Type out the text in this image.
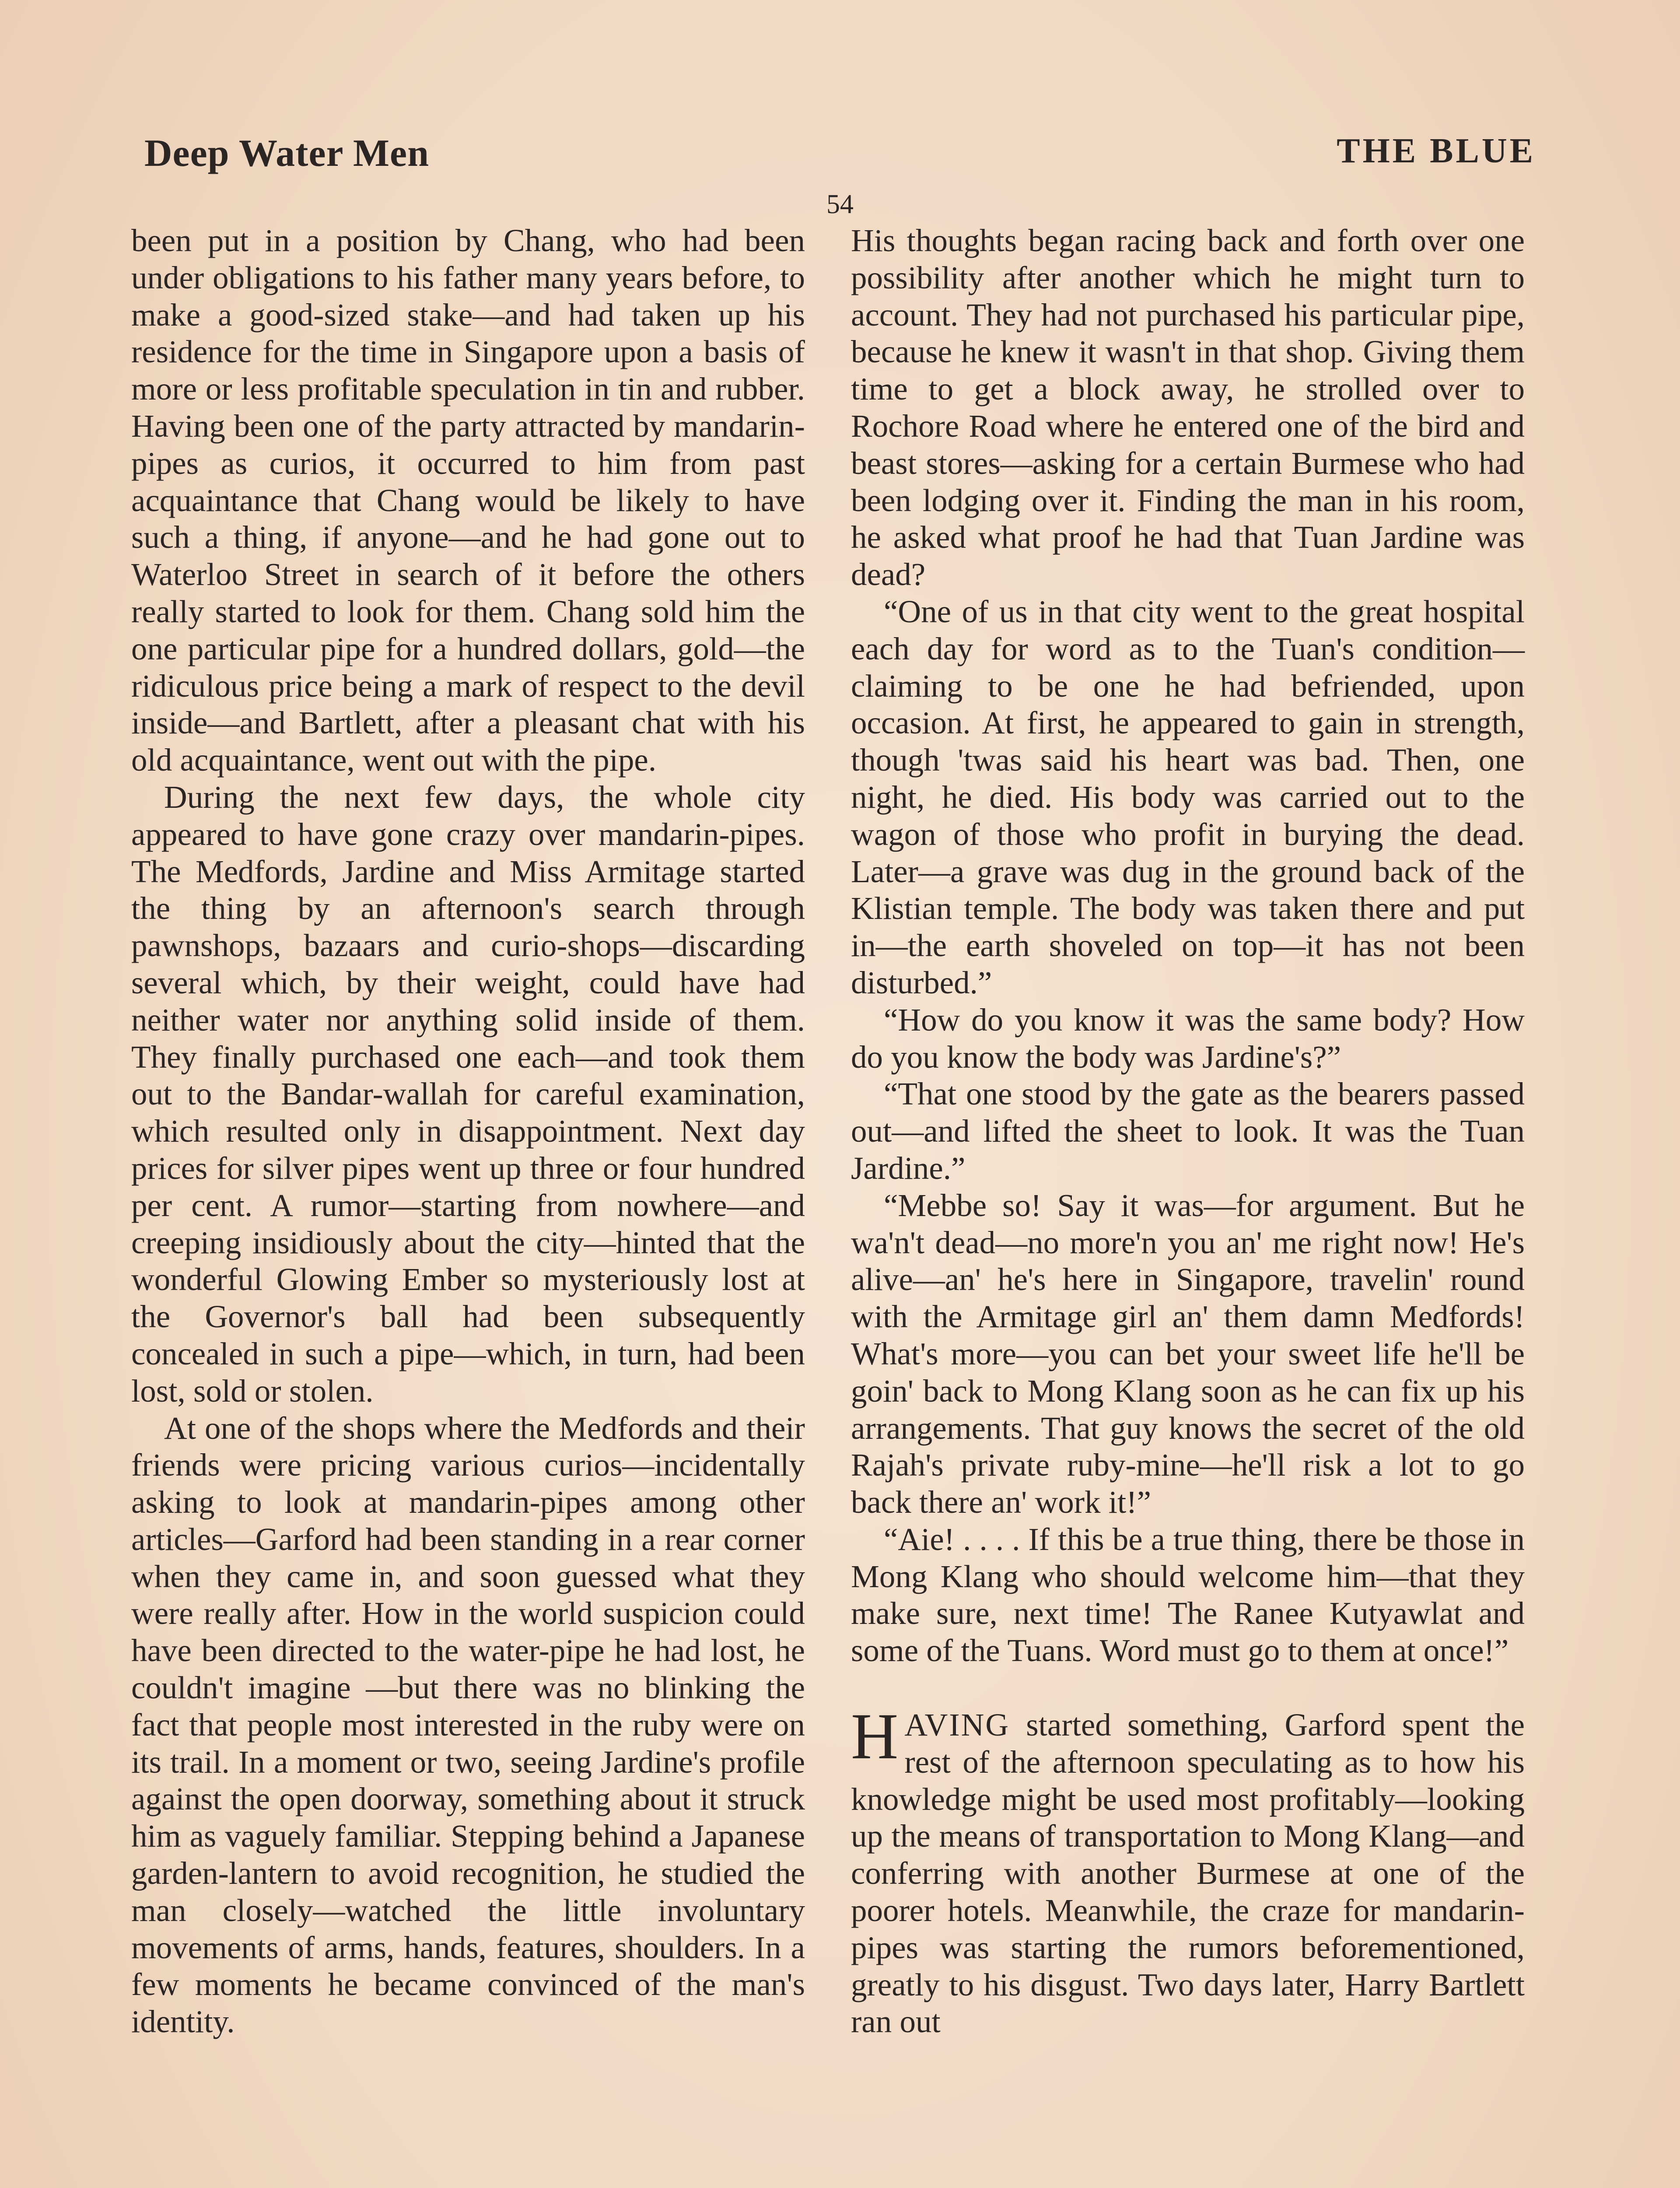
Deep Water Men	THE BLUE
54

been put in a position by Chang, who had been under obligations to his father many years before, to make a good-sized stake—and had taken up his residence for the time in Singapore upon a basis of more or less profitable speculation in tin and rubber. Having been one of the party attracted by mandarin-pipes as curios, it occurred to him from past acquaintance that Chang would be likely to have such a thing, if anyone—and he had gone out to Waterloo Street in search of it before the others really started to look for them. Chang sold him the one particular pipe for a hundred dollars, gold—the ridiculous price being a mark of respect to the devil inside—and Bartlett, after a pleasant chat with his old acquaintance, went out with the pipe.

During the next few days, the whole city appeared to have gone crazy over mandarin-pipes. The Medfords, Jardine and Miss Armitage started the thing by an afternoon's search through pawnshops, bazaars and curio-shops—discarding several which, by their weight, could have had neither water nor anything solid inside of them. They finally purchased one each—and took them out to the Bandar-wallah for careful examination, which resulted only in disappointment. Next day prices for silver pipes went up three or four hundred per cent. A rumor—starting from nowhere—and creeping insidiously about the city—hinted that the wonderful Glowing Ember so mysteriously lost at the Governor's ball had been subsequently concealed in such a pipe—which, in turn, had been lost, sold or stolen.

At one of the shops where the Medfords and their friends were pricing various curios—incidentally asking to look at mandarin-pipes among other articles—Garford had been standing in a rear corner when they came in, and soon guessed what they were really after. How in the world suspicion could have been directed to the water-pipe he had lost, he couldn't imagine —but there was no blinking the fact that people most interested in the ruby were on its trail. In a moment or two, seeing Jardine's profile against the open doorway, something about it struck him as vaguely familiar. Stepping behind a Japanese garden-lantern to avoid recognition, he studied the man closely—watched the little involuntary movements of arms, hands, features, shoulders. In a few moments he became convinced of the man's identity.

His thoughts began racing back and forth over one possibility after another which he might turn to account. They had not purchased his particular pipe, because he knew it wasn't in that shop. Giving them time to get a block away, he strolled over to Rochore Road where he entered one of the bird and beast stores—asking for a certain Burmese who had been lodging over it. Finding the man in his room, he asked what proof he had that Tuan Jardine was dead?

“One of us in that city went to the great hospital each day for word as to the Tuan's condition—claiming to be one he had befriended, upon occasion. At first, he appeared to gain in strength, though 'twas said his heart was bad. Then, one night, he died. His body was carried out to the wagon of those who profit in burying the dead. Later—a grave was dug in the ground back of the Klistian temple. The body was taken there and put in—the earth shoveled on top—it has not been disturbed.”

“How do you know it was the same body? How do you know the body was Jardine's?”

“That one stood by the gate as the bearers passed out—and lifted the sheet to look. It was the Tuan Jardine.”

“Mebbe so! Say it was—for argument. But he wa'n't dead—no more'n you an' me right now! He's alive—an' he's here in Singapore, travelin' round with the Armitage girl an' them damn Medfords! What's more—you can bet your sweet life he'll be goin' back to Mong Klang soon as he can fix up his arrangements. That guy knows the secret of the old Rajah's private ruby-mine—he'll risk a lot to go back there an' work it!”

“Aie! . . . . If this be a true thing, there be those in Mong Klang who should welcome him—that they make sure, next time! The Ranee Kutyawlat and some of the Tuans. Word must go to them at once!”

HAVING started something, Garford spent the rest of the afternoon speculating as to how his knowledge might be used most profitably—looking up the means of transportation to Mong Klang—and conferring with another Burmese at one of the poorer hotels. Meanwhile, the craze for mandarin-pipes was starting the rumors beforementioned, greatly to his disgust. Two days later, Harry Bartlett ran out
